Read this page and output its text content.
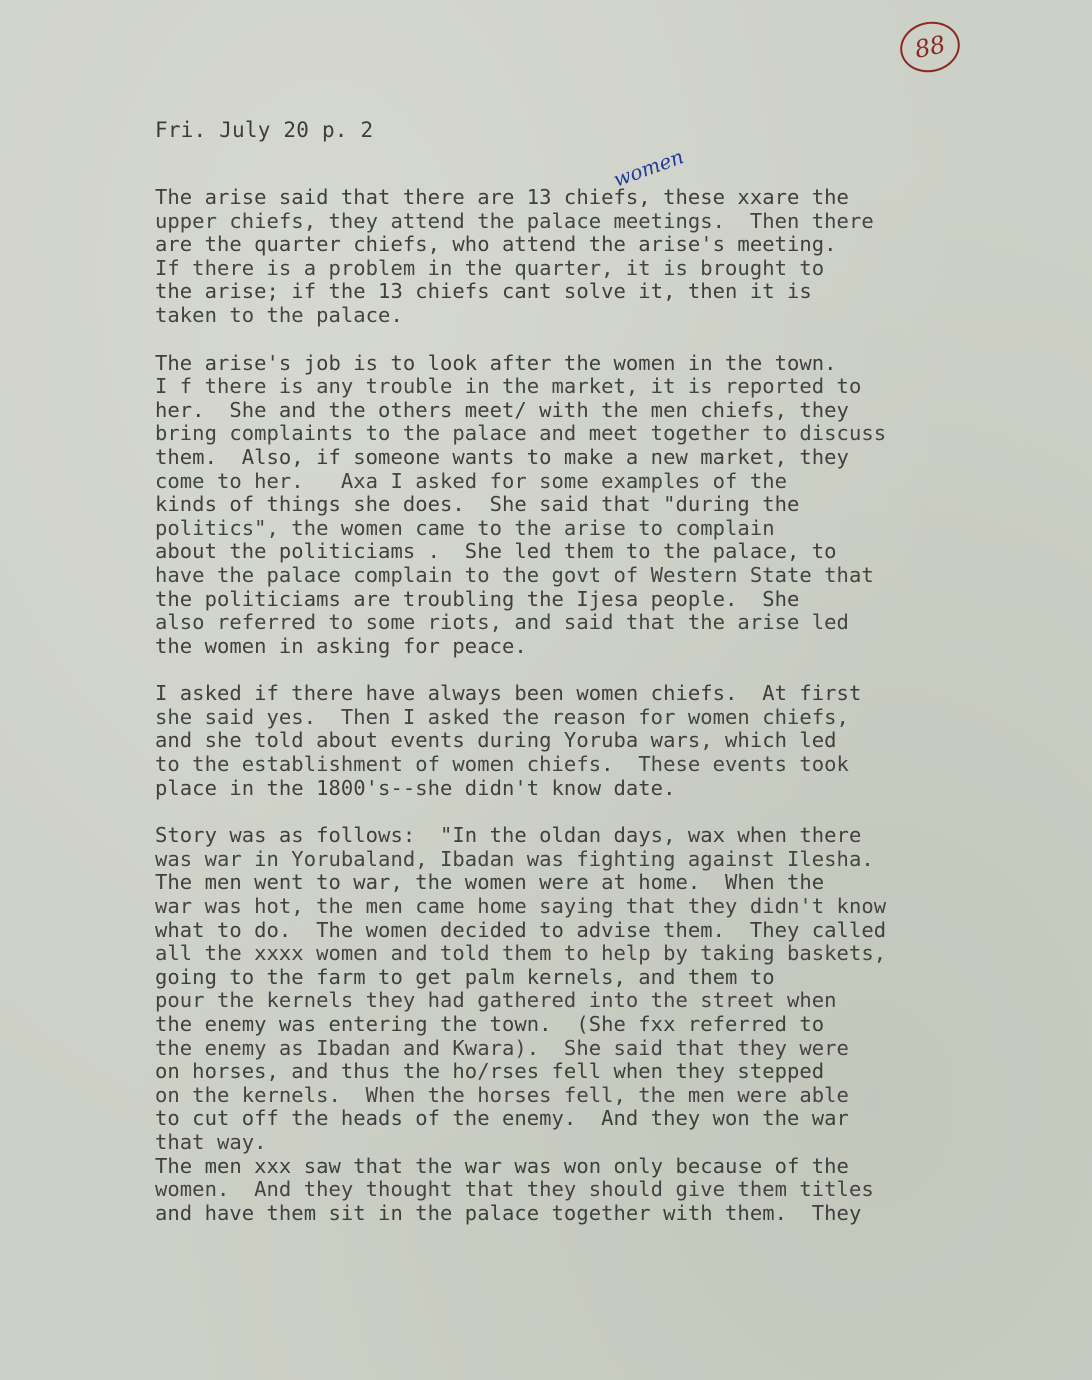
88
Fri. July 20 p. 2
women
The arise said that there are 13 chiefs, these xxare the
upper chiefs, they attend the palace meetings.  Then there
are the quarter chiefs, who attend the arise's meeting.
If there is a problem in the quarter, it is brought to
the arise; if the 13 chiefs cant solve it, then it is
taken to the palace.
The arise's job is to look after the women in the town.
I f there is any trouble in the market, it is reported to
her.  She and the others meet/ with the men chiefs, they
bring complaints to the palace and meet together to discuss
them.  Also, if someone wants to make a new market, they
come to her.   Axa I asked for some examples of the
kinds of things she does.  She said that "during the
politics", the women came to the arise to complain
about the politiciams .  She led them to the palace, to
have the palace complain to the govt of Western State that
the politiciams are troubling the Ijesa people.  She
also referred to some riots, and said that the arise led
the women in asking for peace.
I asked if there have always been women chiefs.  At first
she said yes.  Then I asked the reason for women chiefs,
and she told about events during Yoruba wars, which led
to the establishment of women chiefs.  These events took
place in the 1800's--she didn't know date.
Story was as follows:  "In the oldan days, wax when there
was war in Yorubaland, Ibadan was fighting against Ilesha.
The men went to war, the women were at home.  When the
war was hot, the men came home saying that they didn't know
what to do.  The women decided to advise them.  They called
all the xxxx women and told them to help by taking baskets,
going to the farm to get palm kernels, and them to
pour the kernels they had gathered into the street when
the enemy was entering the town.  (She fxx referred to
the enemy as Ibadan and Kwara).  She said that they were
on horses, and thus the ho/rses fell when they stepped
on the kernels.  When the horses fell, the men were able
to cut off the heads of the enemy.  And they won the war
that way.
The men xxx saw that the war was won only because of the
women.  And they thought that they should give them titles
and have them sit in the palace together with them.  They
